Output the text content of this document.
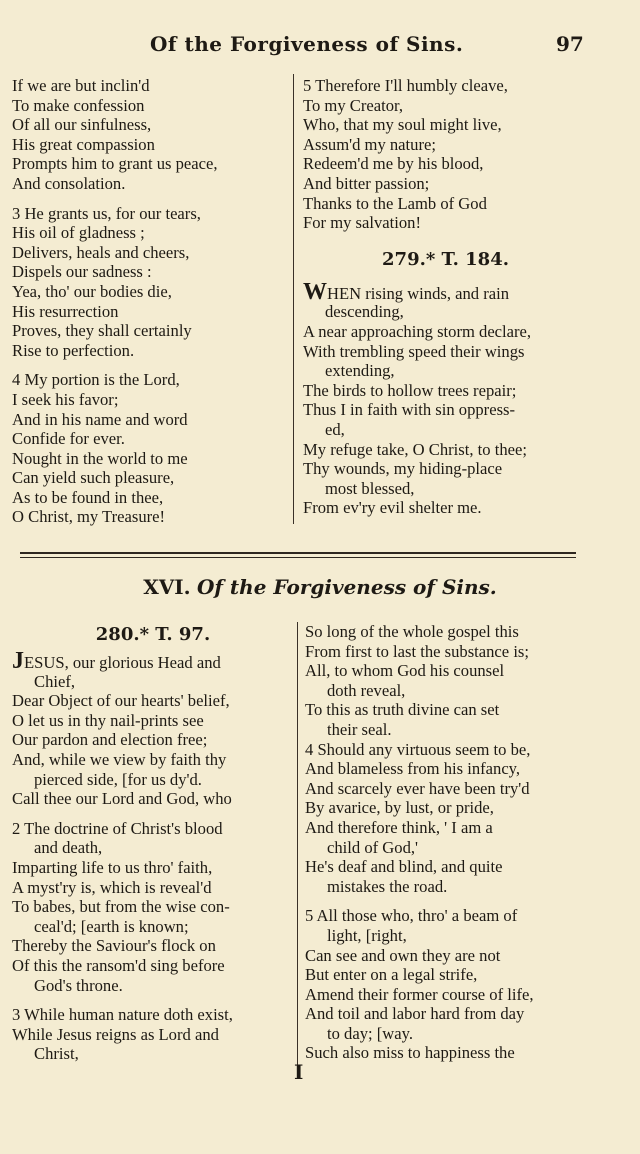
Of the Forgiveness of Sins.	97
If we are but inclin'd
To make confession
Of all our sinfulness,
His great compassion
Prompts him to grant us peace,
And consolation.
3 He grants us, for our tears,
His oil of gladness ;
Delivers, heals and cheers,
Dispels our sadness :
Yea, tho' our bodies die,
His resurrection
Proves, they shall certainly
Rise to perfection.
4 My portion is the Lord,
I seek his favor;
And in his name and word
Confide for ever.
Nought in the world to me
Can yield such pleasure,
As to be found in thee,
O Christ, my Treasure!
5 Therefore I'll humbly cleave,
To my Creator,
Who, that my soul might live,
Assum'd my nature;
Redeem'd me by his blood,
And bitter passion;
Thanks to the Lamb of God
For my salvation!
279.* T. 184.
WHEN rising winds, and rain
descending,
A near approaching storm declare,
With trembling speed their wings
extending,
The birds to hollow trees repair;
Thus I in faith with sin oppress-
ed,
My refuge take, O Christ, to thee;
Thy wounds, my hiding-place
most blessed,
From ev'ry evil shelter me.
XVI. Of the Forgiveness of Sins.
280.* T. 97.
JESUS, our glorious Head and
Chief,
Dear Object of our hearts' belief,
O let us in thy nail-prints see
Our pardon and election free;
And, while we view by faith thy
pierced side, [for us dy'd.
Call thee our Lord and God, who
2 The doctrine of Christ's blood
and death,
Imparting life to us thro' faith,
A myst'ry is, which is reveal'd
To babes, but from the wise con-
ceal'd; [earth is known;
Thereby the Saviour's flock on
Of this the ransom'd sing before
God's throne.
3 While human nature doth exist,
While Jesus reigns as Lord and
Christ,
So long of the whole gospel this
From first to last the substance is;
All, to whom God his counsel
doth reveal,
To this as truth divine can set
their seal.
4 Should any virtuous seem to be,
And blameless from his infancy,
And scarcely ever have been try'd
By avarice, by lust, or pride,
And therefore think, ' I am a
child of God,'
He's deaf and blind, and quite
mistakes the road.
5 All those who, thro' a beam of
light, [right,
Can see and own they are not
But enter on a legal strife,
Amend their former course of life,
And toil and labor hard from day
to day; [way.
Such also miss to happiness the
I
